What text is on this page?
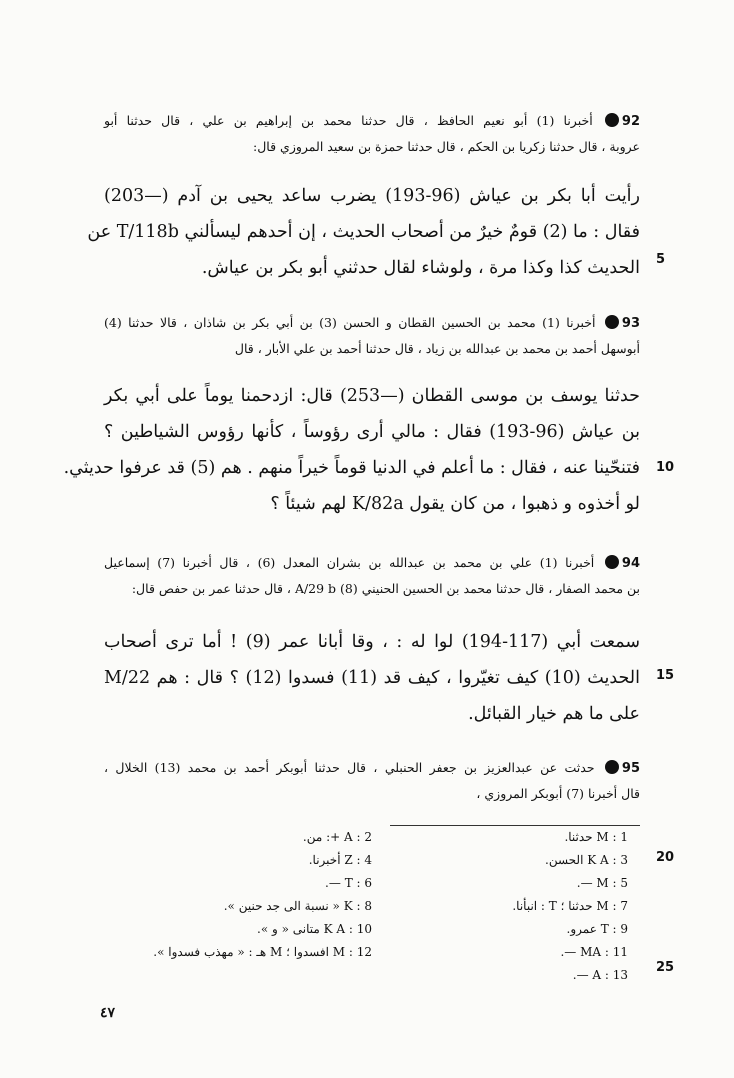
92 أخبرنا (1) أبو نعيم الحافظ ، قال حدثنا محمد بن إبراهيم بن علي ، قال حدثنا أبو
عروبة ، قال حدثنا زكريا بن الحكم ، قال حدثنا حمزة بن سعيد المروزي قال:
رأيت أبا بكر بن عياش (96-193) يضرب ساعد يحيى بن آدم (—203)
فقال : ما (2) قومٌ خيرٌ من أصحاب الحديث ، إن أحدهم ليسألني T/118b عن
الحديث كذا وكذا مرة ، ولوشاء لقال حدثني أبو بكر بن عياش.
93 أخبرنا (1) محمد بن الحسين القطان و الحسن (3) بن أبي بكر بن شاذان ، قالا حدثنا (4)
أبوسهل أحمد بن محمد بن عبدالله بن زياد ، قال حدثنا أحمد بن علي الأبار ، قال
حدثنا يوسف بن موسى القطان (—253) قال: ازدحمنا يوماً على أبي بكر
بن عياش (96-193) فقال : مالي أرى رؤوساً ، كأنها رؤوس الشياطين ؟
فتنحّينا عنه ، فقال : ما أعلم في الدنيا قوماً خيراً منهم . هم (5) قد عرفوا حديثي.
لو أخذوه و ذهبوا ، من كان يقول K/82a لهم شيئاً ؟
94 أخبرنا (1) علي بن محمد بن عبدالله بن بشران المعدل (6) ، قال أخبرنا (7) إسماعيل
بن محمد الصفار ، قال حدثنا محمد بن الحسين الحنيني (8) A/29 b ، قال حدثنا عمر بن حفص قال:
سمعت أبي (117-194) لوا له : ، وقا أبانا عمر (9) ! أما ترى أصحاب
الحديث (10) كيف تغيّروا ، كيف قد (11) فسدوا (12) ؟ قال : هم M/22
على ما هم خيار القبائل.
95 حدثت عن عبدالعزيز بن جعفر الحنبلي ، قال حدثنا أبوبكر أحمد بن محمد (13) الخلال ،
قال أخبرنا (7) أبوبكر المروزي ،
5
10
15
20
25
M : 1 حدثنا.
A : 2 +: من.
K A : 3 الحسن.
Z : 4 أخبرنا.
M : 5 —.
T : 6 —.
M : 7 حدثنا ؛ T : انبأنا.
K : 8 « نسبة الى جد حنين ».
T : 9 عمرو.
K A : 10 متانى « و ».
MA : 11 —.
M : 12 افسدوا ؛ M هـ : « مهذب فسدوا ».
A : 13 —.
٤٧
